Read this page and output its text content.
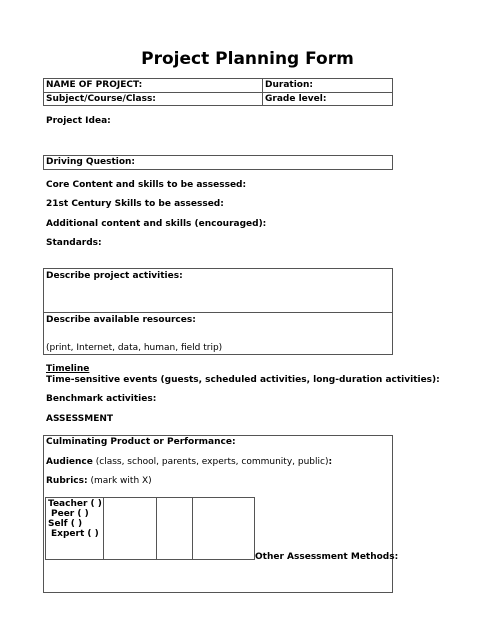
Project Planning Form
NAME OF PROJECT:	Duration:
Subject/Course/Class:	Grade level:
Project Idea:
Driving Question:
Core Content and skills to be assessed:
21st Century Skills to be assessed:
Additional content and skills (encouraged):
Standards:
Describe project activities:
Describe available resources:
(print, Internet, data, human, field trip)
Timeline
Time-sensitive events (guests, scheduled activities, long-duration activities):
Benchmark activities:
ASSESSMENT
Culminating Product or Performance:
Audience (class, school, parents, experts, community, public):
Rubrics: (mark with X)
Teacher ( )
Peer ( )
Self ( )
Expert ( )
Other Assessment Methods:
